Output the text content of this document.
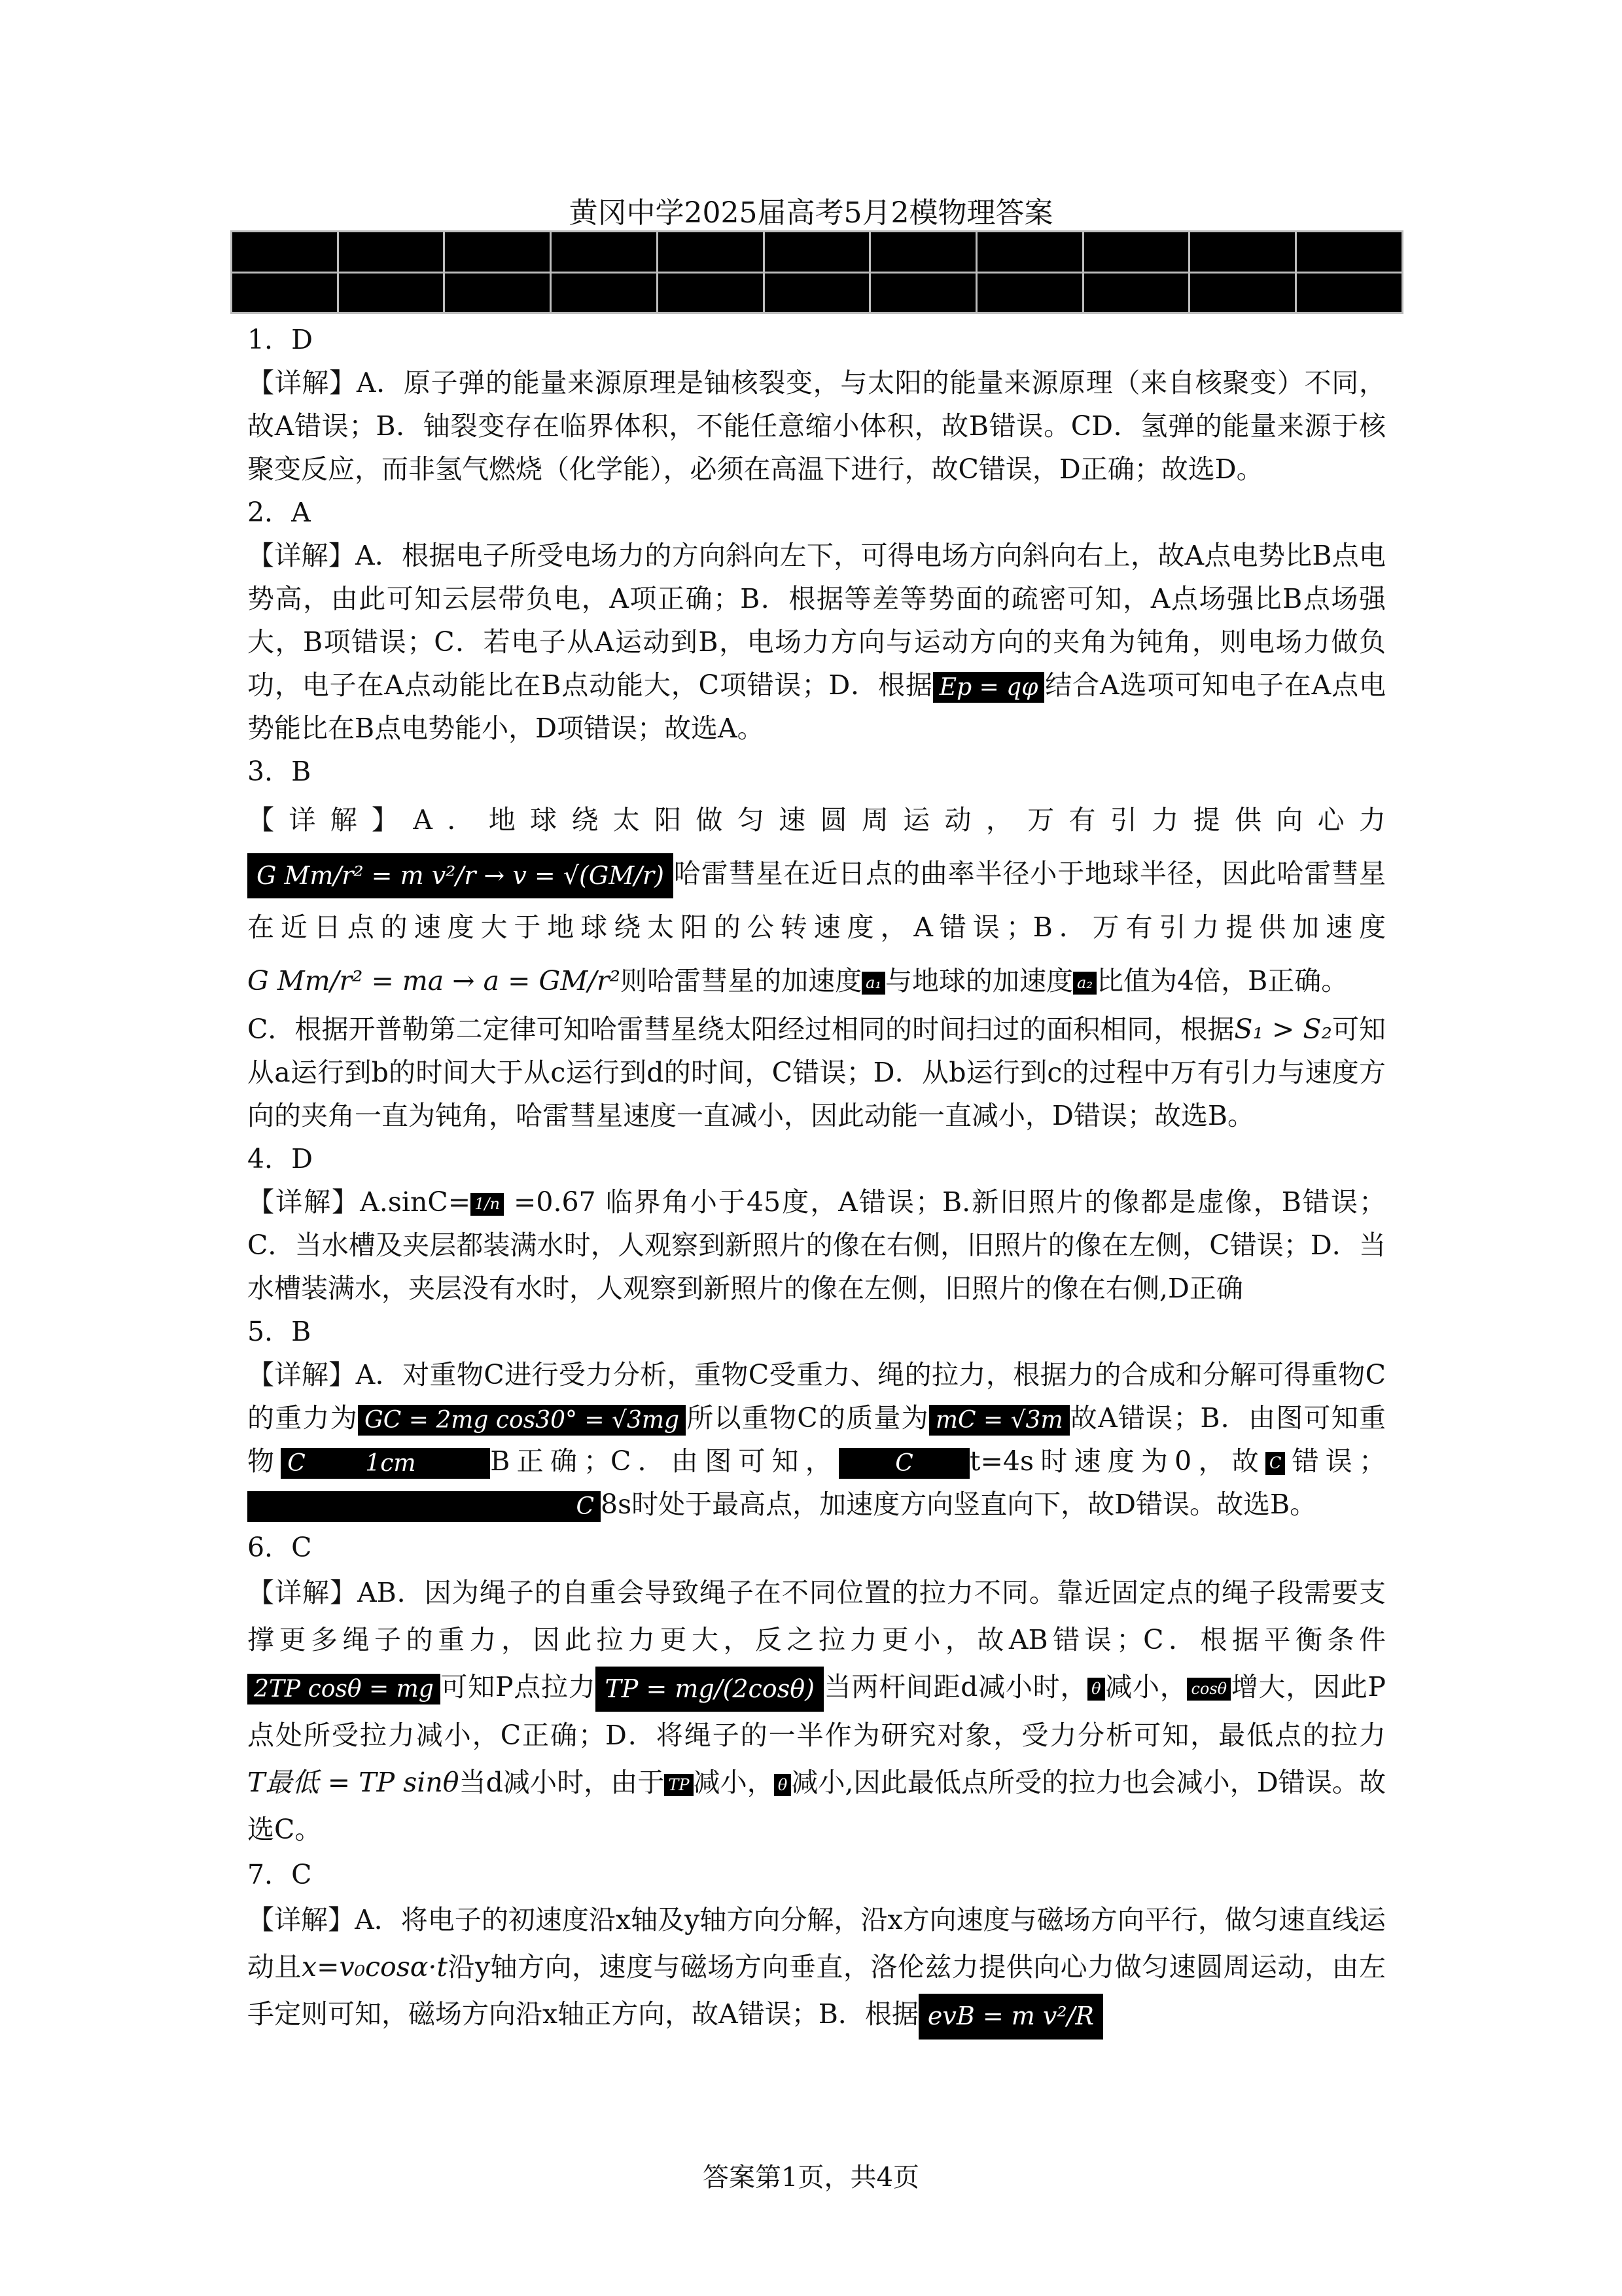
黄冈中学2025届高考5月2模物理答案

1．D

【详解】A．原子弹的能量来源原理是铀核裂变，与太阳的能量来源原理（来自核聚变）不同，故A错误；B．铀裂变存在临界体积，不能任意缩小体积，故B错误。CD．氢弹的能量来源于核聚变反应，而非氢气燃烧（化学能），必须在高温下进行，故C错误，D正确；故选D。

2．A

【详解】A．根据电子所受电场力的方向斜向左下，可得电场方向斜向右上，故A点电势比B点电势高，由此可知云层带负电，A项正确；B．根据等差等势面的疏密可知，A点场强比B点场强大，B项错误；C．若电子从A运动到B，电场力方向与运动方向的夹角为钝角，则电场力做负功，电子在A点动能比在B点动能大，C项错误；D．根据 Ep = qφ 结合A选项可知电子在A点电势能比在B点电势能小，D项错误；故选A。

3．B

【详解】A．地球绕太阳做匀速圆周运动，万有引力提供向心力G Mm/r² = m v²/r → v = √(GM/r) 哈雷彗星在近日点的曲率半径小于地球半径，因此哈雷彗星在近日点的速度大于地球绕太阳的公转速度，A错误；B．万有引力提供加速度G Mm/r² = ma → a = GM/r²则哈雷彗星的加速度 a₁ 与地球的加速度 a₂ 比值为4倍，B正确。

C．根据开普勒第二定律可知哈雷彗星绕太阳经过相同的时间扫过的面积相同，根据S₁ > S₂可知从a运行到b的时间大于从c运行到d的时间，C错误；D．从b运行到c的过程中万有引力与速度方向的夹角一直为钝角，哈雷彗星速度一直减小，因此动能一直减小，D错误；故选B。

4．D

【详解】A.sinC= 1/n =0.67 临界角小于45度，A错误；B.新旧照片的像都是虚像，B错误；C．当水槽及夹层都装满水时，人观察到新照片的像在右侧，旧照片的像在左侧，C错误；D．当水槽装满水，夹层没有水时，人观察到新照片的像在左侧，旧照片的像在右侧,D正确

5．B

【详解】A．对重物C进行受力分析，重物C受重力、绳的拉力，根据力的合成和分解可得重物C的重力为 GC = 2mg cos30° = √3mg 所以重物C的质量为 mC = √3m 故A错误；B．由图可知重物 C	1cm	B正确；C．由图可知， C t=4s时速度为0，故 C 错误；C 8s时处于最高点，加速度方向竖直向下，故D错误。故选B。

6．C

【详解】AB．因为绳子的自重会导致绳子在不同位置的拉力不同。靠近固定点的绳子段需要支撑更多绳子的重力，因此拉力更大，反之拉力更小，故AB错误；C．根据平衡条件2TP cosθ = mg 可知P点拉力 TP = mg/(2cosθ) 当两杆间距d减小时， θ 减小， cosθ 增大，因此P 点处所受拉力减小，C正确；D．将绳子的一半作为研究对象，受力分析可知，最低点的拉力T最低 = TP sinθ当d减小时，由于 TP 减小， θ 减小,因此最低点所受的拉力也会减小，D错误。故选C。

7．C

【详解】A．将电子的初速度沿x轴及y轴方向分解，沿x方向速度与磁场方向平行，做匀速直线运动且x=v₀cosα·t沿y轴方向，速度与磁场方向垂直，洛伦兹力提供向心力做匀速圆周运动，由左手定则可知，磁场方向沿x轴正方向，故A错误；B．根据 evB = m v²/R

答案第1页，共4页
